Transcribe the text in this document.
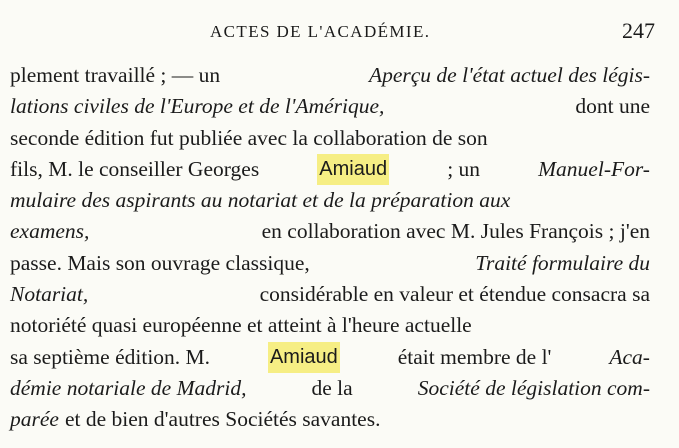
ACTES DE L'ACADÉMIE.	247
plement travaillé ; — un	Aperçu de l'état actuel des légis-
lations civiles de l'Europe et de l'Amérique,	dont une
seconde édition fut publiée avec la collaboration de son
fils, M. le conseiller Georges	Amiaud	; un	Manuel-For-
mulaire des aspirants au notariat et de la préparation aux
examens,	en collaboration avec M. Jules François ; j'en
passe. Mais son ouvrage classique,	Traité formulaire du
Notariat,	considérable en valeur et étendue consacra sa
notoriété quasi européenne et atteint à l'heure actuelle
sa septième édition. M.	Amiaud	était membre de l'	Aca-
démie notariale de Madrid,	de la	Société de législation com-
parée et de bien d'autres Sociétés savantes.
